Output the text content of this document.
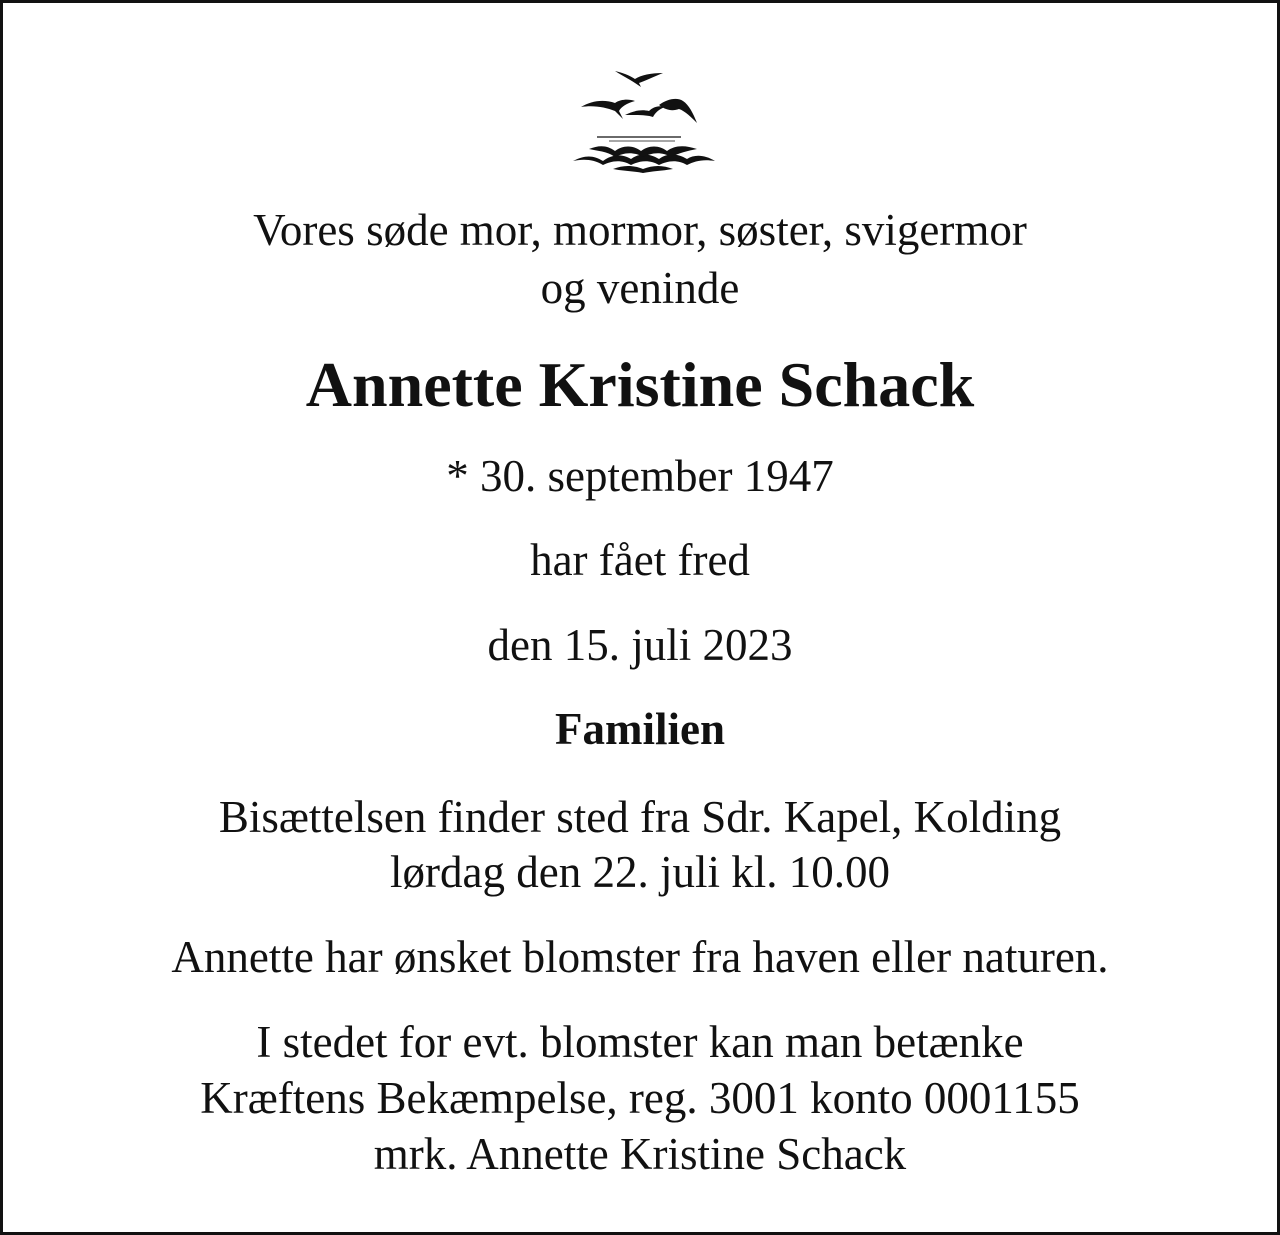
Vores søde mor, mormor, søster, svigermor

og veninde

Annette Kristine Schack

* 30. september 1947

har fået fred

den 15. juli 2023

Familien

Bisættelsen finder sted fra Sdr. Kapel, Kolding

lørdag den 22. juli kl. 10.00

Annette har ønsket blomster fra haven eller naturen.

I stedet for evt. blomster kan man betænke

Kræftens Bekæmpelse, reg. 3001 konto 0001155

mrk. Annette Kristine Schack
